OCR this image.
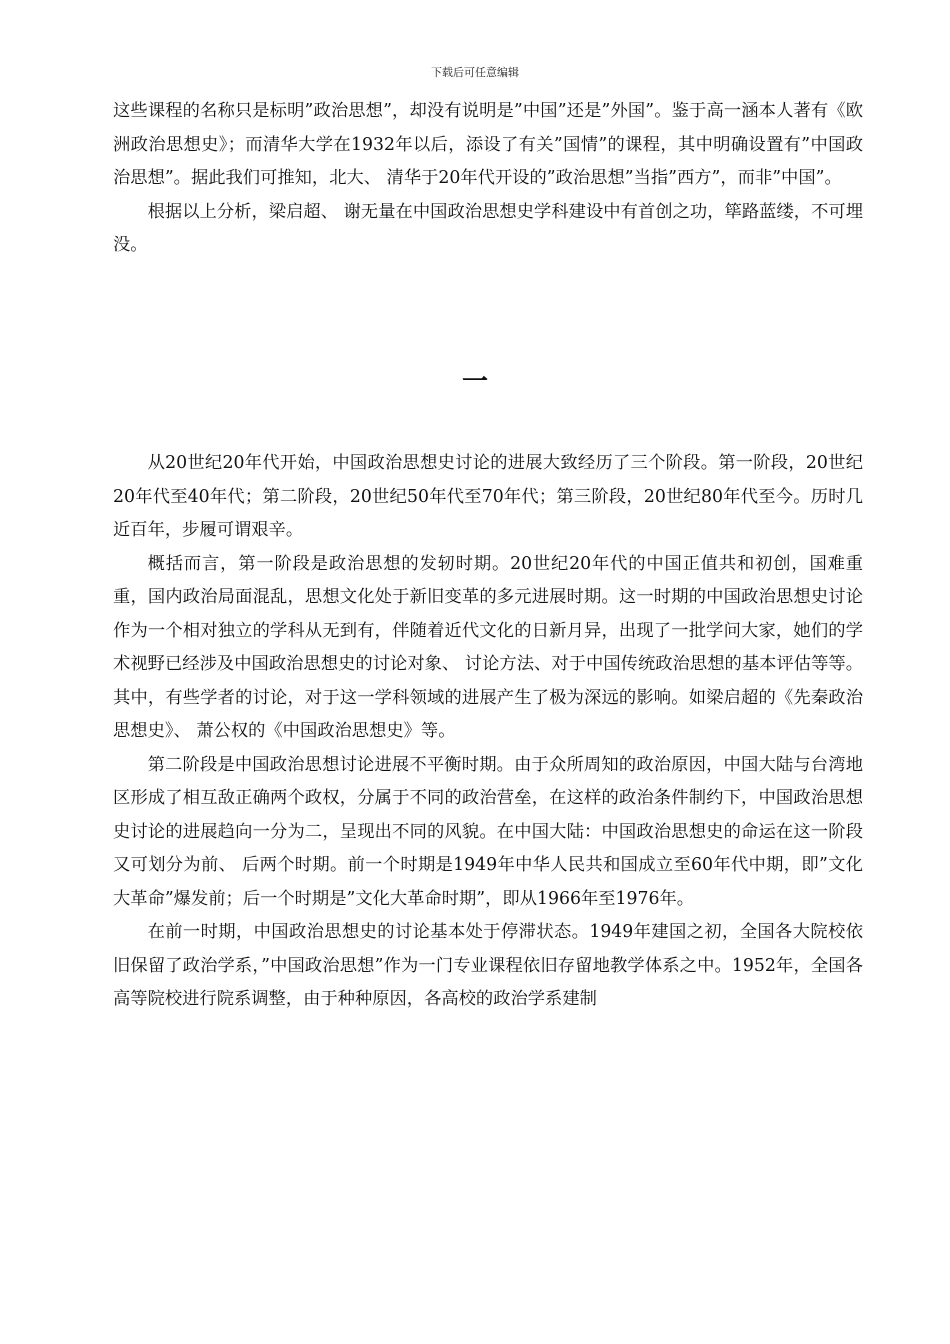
下载后可任意编辑

这些课程的名称只是标明”政治思想”，却没有说明是”中国”还是”外国”。鉴于高一涵本人著有《欧洲政治思想史》；而清华大学在1932年以后，添设了有关”国情”的课程，其中明确设置有”中国政治思想”。据此我们可推知，北大、 清华于20年代开设的”政治思想”当指”西方”，而非”中国”。

根据以上分析，梁启超、 谢无量在中国政治思想史学科建设中有首创之功，筚路蓝缕，不可埋没。

一

从20世纪20年代开始，中国政治思想史讨论的进展大致经历了三个阶段。第一阶段，20世纪20年代至40年代；第二阶段，20世纪50年代至70年代；第三阶段，20世纪80年代至今。历时几近百年，步履可谓艰辛。

概括而言，第一阶段是政治思想的发轫时期。20世纪20年代的中国正值共和初创，国难重重，国内政治局面混乱，思想文化处于新旧变革的多元进展时期。这一时期的中国政治思想史讨论作为一个相对独立的学科从无到有，伴随着近代文化的日新月异，出现了一批学问大家，她们的学术视野已经涉及中国政治思想史的讨论对象、 讨论方法、对于中国传统政治思想的基本评估等等。其中，有些学者的讨论，对于这一学科领域的进展产生了极为深远的影响。如梁启超的《先秦政治思想史》、 萧公权的《中国政治思想史》等。

第二阶段是中国政治思想讨论进展不平衡时期。由于众所周知的政治原因，中国大陆与台湾地区形成了相互敌正确两个政权，分属于不同的政治营垒，在这样的政治条件制约下，中国政治思想史讨论的进展趋向一分为二，呈现出不同的风貌。在中国大陆：中国政治思想史的命运在这一阶段又可划分为前、 后两个时期。前一个时期是1949年中华人民共和国成立至60年代中期，即”文化大革命”爆发前；后一个时期是”文化大革命时期”，即从1966年至1976年。

在前一时期，中国政治思想史的讨论基本处于停滞状态。1949年建国之初，全国各大院校依旧保留了政治学系，”中国政治思想”作为一门专业课程依旧存留地教学体系之中。1952年，全国各高等院校进行院系调整，由于种种原因，各高校的政治学系建制
